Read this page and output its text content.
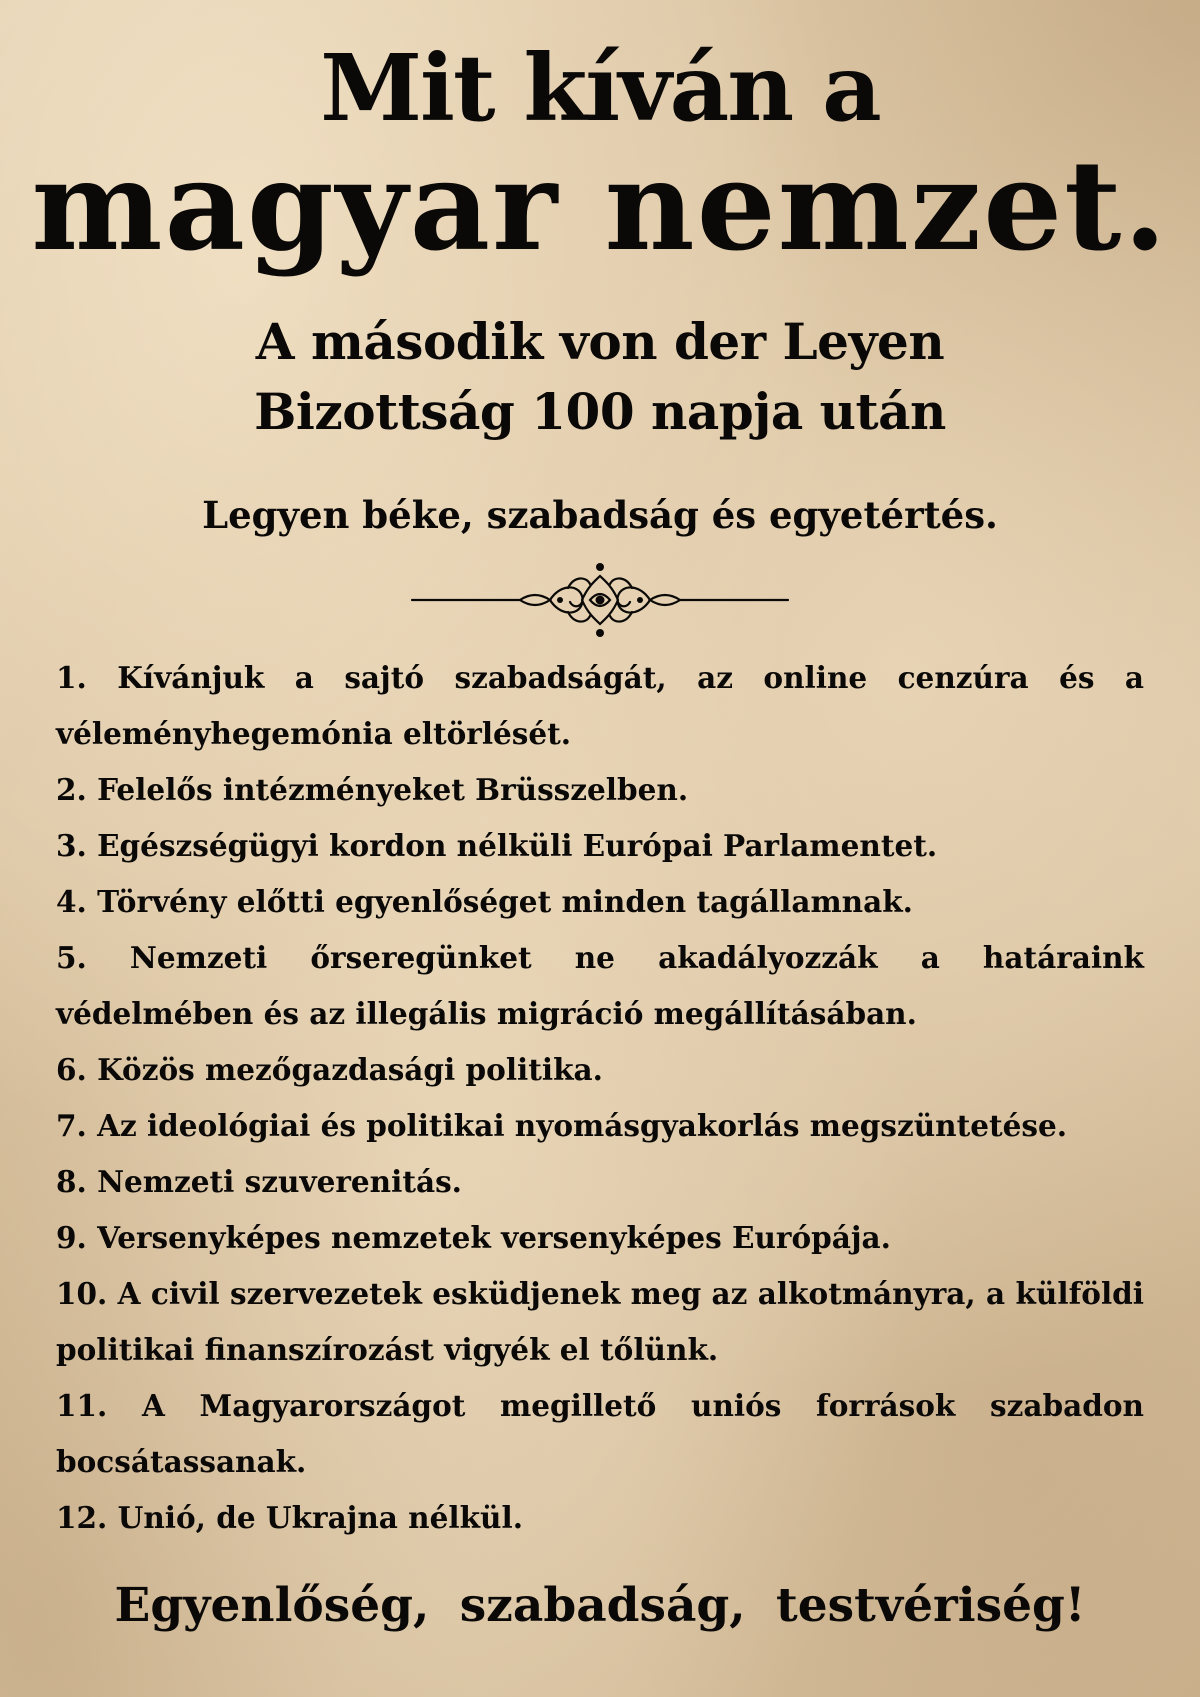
Mit kíván a
magyar nemzet.
A második von der Leyen
Bizottság 100 napja után
Legyen béke, szabadság és egyetértés.
1. Kívánjuk a sajtó szabadságát, az online cenzúra és a véleményhegemónia eltörlését.
2. Felelős intézményeket Brüsszelben.
3. Egészségügyi kordon nélküli Európai Parlamentet.
4. Törvény előtti egyenlőséget minden tagállamnak.
5. Nemzeti őrseregünket ne akadályozzák a határaink védelmében és az illegális migráció megállításában.
6. Közös mezőgazdasági politika.
7. Az ideológiai és politikai nyomásgyakorlás megszüntetése.
8. Nemzeti szuverenitás.
9. Versenyképes nemzetek versenyképes Európája.
10. A civil szervezetek esküdjenek meg az alkotmányra, a külföldi politikai finanszírozást vigyék el tőlünk.
11. A Magyarországot megillető uniós források szabadon bocsátassanak.
12. Unió, de Ukrajna nélkül.
Egyenlőség, szabadság, testvériség!
